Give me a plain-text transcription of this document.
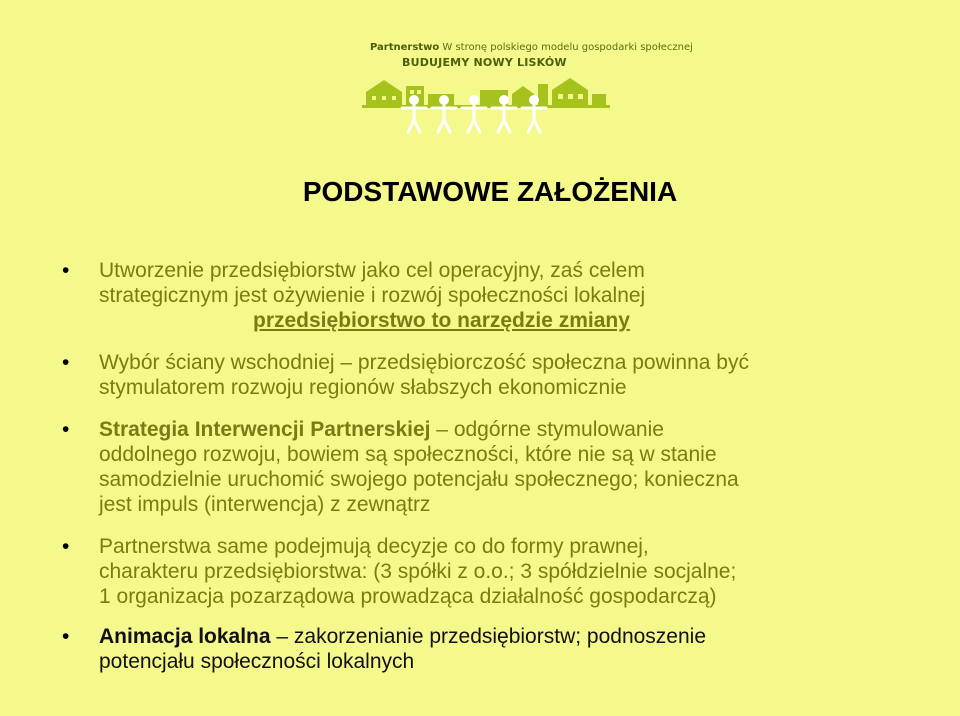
Partnerstwo W stronę polskiego modelu gospodarki społecznej
BUDUJEMY NOWY LISKÓW
PODSTAWOWE ZAŁOŻENIA
• Utworzenie przedsiębiorstw jako cel operacyjny, zaś celem
strategicznym jest ożywienie i rozwój społeczności lokalnej
przedsiębiorstwo to narzędzie zmiany
• Wybór ściany wschodniej – przedsiębiorczość społeczna powinna być
stymulatorem rozwoju regionów słabszych ekonomicznie
• Strategia Interwencji Partnerskiej – odgórne stymulowanie
oddolnego rozwoju, bowiem są społeczności, które nie są w stanie
samodzielnie uruchomić swojego potencjału społecznego; konieczna
jest impuls (interwencja) z zewnątrz
• Partnerstwa same podejmują decyzje co do formy prawnej,
charakteru przedsiębiorstwa: (3 spółki z o.o.; 3 spółdzielnie socjalne;
1 organizacja pozarządowa prowadząca działalność gospodarczą)
• Animacja lokalna – zakorzenianie przedsiębiorstw; podnoszenie
potencjału społeczności lokalnych
